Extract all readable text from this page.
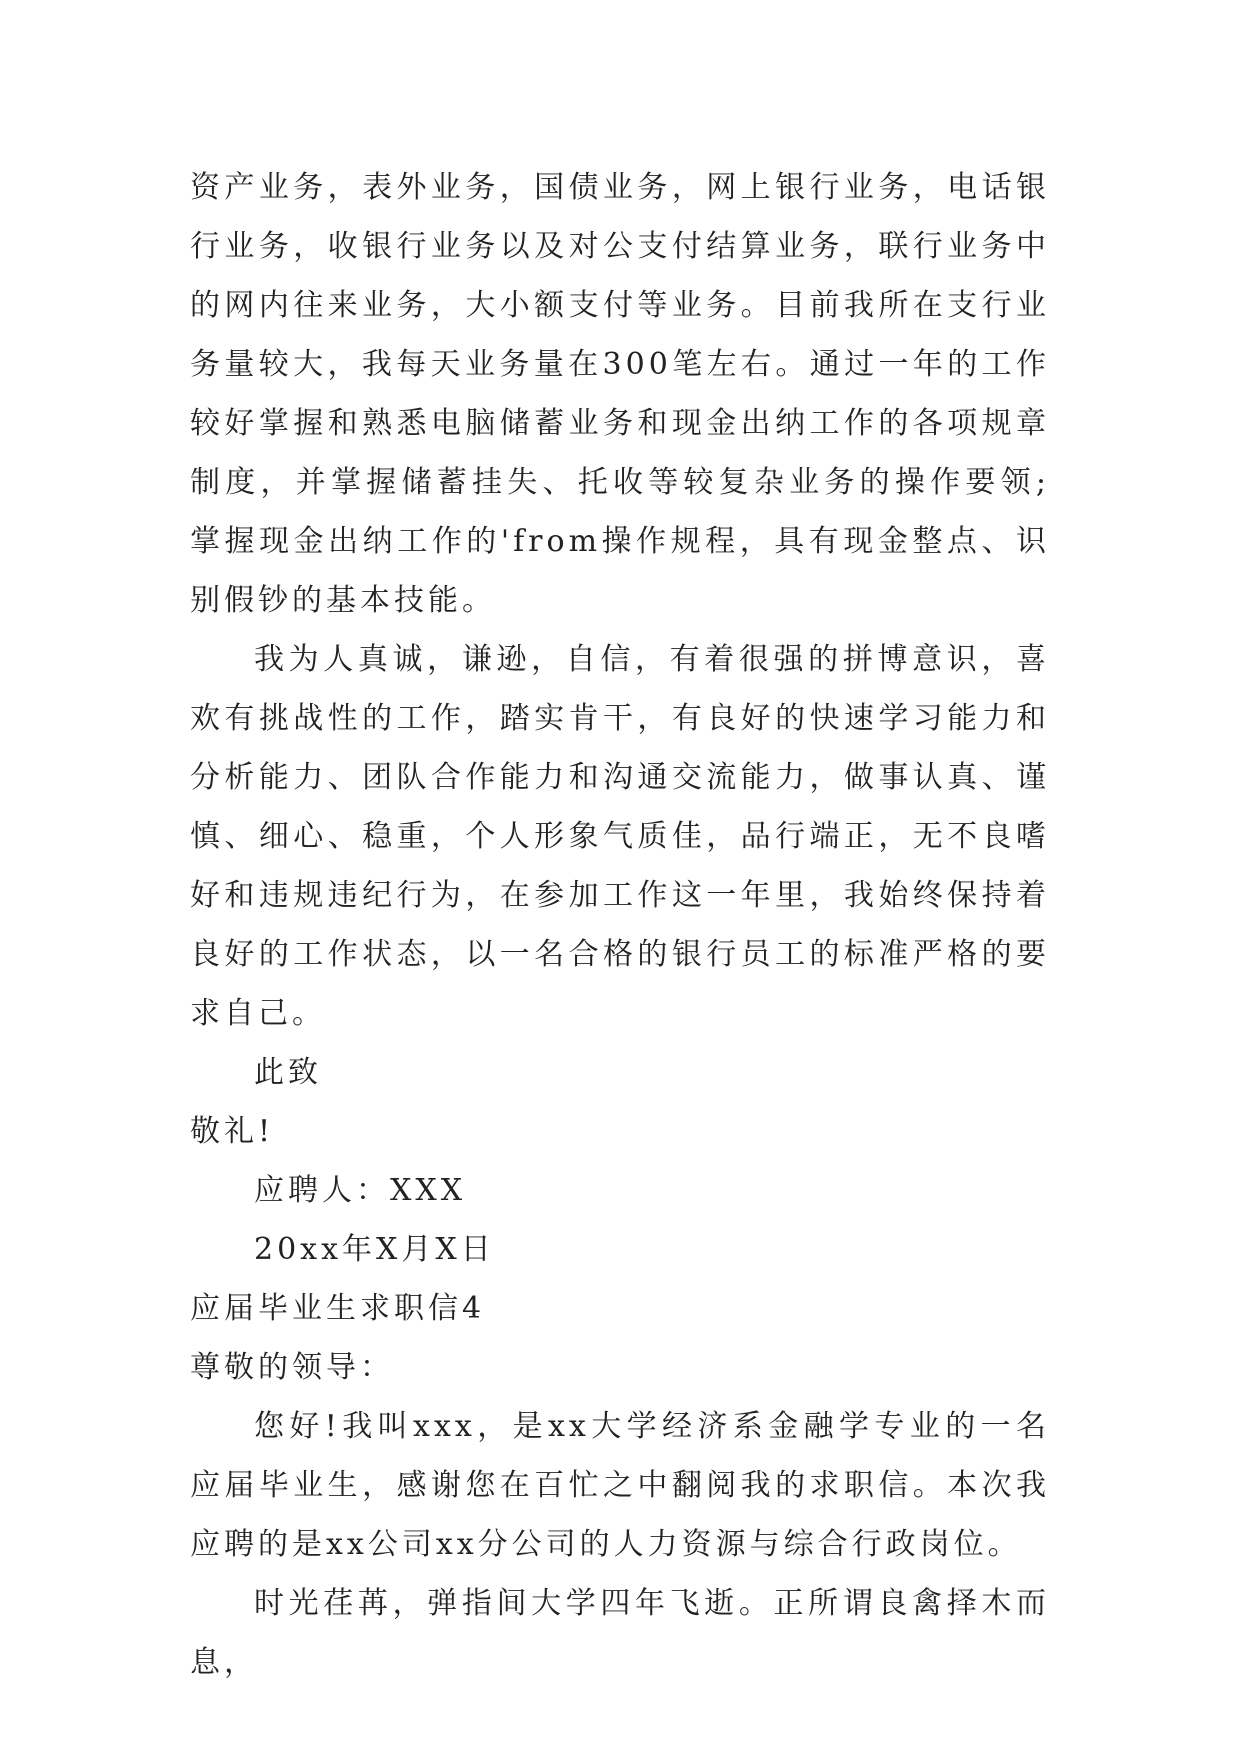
资产业务，表外业务，国债业务，网上银行业务，电话银行业务，收银行业务以及对公支付结算业务，联行业务中的网内往来业务，大小额支付等业务。目前我所在支行业务量较大，我每天业务量在300笔左右。通过一年的工作较好掌握和熟悉电脑储蓄业务和现金出纳工作的各项规章制度，并掌握储蓄挂失、托收等较复杂业务的操作要领;掌握现金出纳工作的'from操作规程，具有现金整点、识别假钞的基本技能。

我为人真诚，谦逊，自信，有着很强的拼博意识，喜欢有挑战性的工作，踏实肯干，有良好的快速学习能力和分析能力、团队合作能力和沟通交流能力，做事认真、谨慎、细心、稳重，个人形象气质佳，品行端正，无不良嗜好和违规违纪行为，在参加工作这一年里，我始终保持着良好的工作状态，以一名合格的银行员工的标准严格的要求自己。

此致

敬礼!

应聘人：XXX

20xx年X月X日

应届毕业生求职信4

尊敬的领导：

您好!我叫xxx，是xx大学经济系金融学专业的一名应届毕业生，感谢您在百忙之中翻阅我的求职信。本次我应聘的是xx公司xx分公司的人力资源与综合行政岗位。

时光荏苒，弹指间大学四年飞逝。正所谓良禽择木而息，
